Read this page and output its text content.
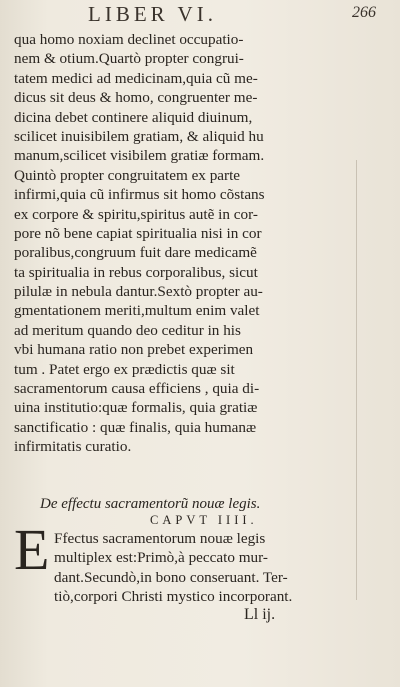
LIBER VI.	266
qua homo noxiam declinet occupatio-
nem & otium.Quartò propter congrui-
tatem medici ad medicinam,quia cũ me-
dicus sit deus & homo, congruenter me-
dicina debet continere aliquid diuinum,
scilicet inuisibilem gratiam, & aliquid hu
manum,scilicet visibilem gratiæ formam.
Quintò propter congruitatem ex parte
infirmi,quia cũ infirmus sit homo cõstans
ex corpore & spiritu,spiritus autẽ in cor-
pore nõ bene capiat spiritualia nisi in cor
poralibus,congruum fuit dare medicamẽ
ta spiritualia in rebus corporalibus, sicut
pilulæ in nebula dantur.Sextò propter au-
gmentationem meriti,multum enim valet
ad meritum quando deo ceditur in his
vbi humana ratio non prebet experimen
tum . Patet ergo ex prædictis quæ sit
sacramentorum causa efficiens , quia di-
uina institutio:quæ formalis, quia gratiæ
sanctificatio : quæ finalis, quia humanæ
infirmitatis curatio.
De effectu sacramentorũ nouæ legis.
CAPVT IIII.
E Ffectus sacramentorum nouæ legis
multiplex est:Primò,à peccato mur-
dant.Secundò,in bono conseruant. Ter-
tiò,corpori Christi mystico incorporant.
Ll ij.
